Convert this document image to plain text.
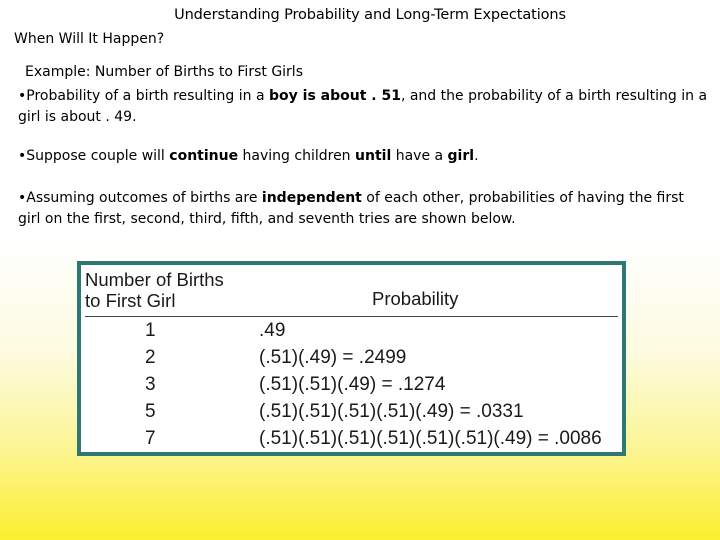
Understanding Probability and Long-Term Expectations
When Will It Happen?
Example: Number of Births to First Girls
•Probability of a birth resulting in a boy is about . 51, and the probability of a birth resulting in a girl is about . 49.
•Suppose couple will continue having children until have a girl.
•Assuming outcomes of births are independent of each other, probabilities of having the first girl on the first, second, third, fifth, and seventh tries are shown below.
Number of Births
to First Girl	Probability
1	.49
2	(.51)(.49) = .2499
3	(.51)(.51)(.49) = .1274
5	(.51)(.51)(.51)(.51)(.49) = .0331
7	(.51)(.51)(.51)(.51)(.51)(.51)(.49) = .0086
